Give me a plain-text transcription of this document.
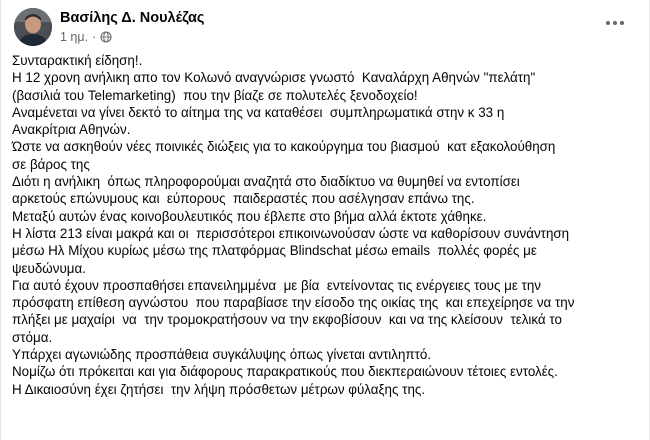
Βασίλης Δ. Νουλέζας
1 ημ. ·

Συνταρακτική είδηση!.

Η 12 χρονη ανήλικη απο τον Κολωνό αναγνώρισε γνωστό  Καναλάρχη Αθηνών "πελάτη"

(βασιλιά του Telemarketing)  που την βίαζε σε πολυτελές ξενοδοχείο!

Αναμένεται να γίνει δεκτό το αίτημα της να καταθέσει  συμπληρωματικά στην κ 33 η

Ανακρίτρια Αθηνών.

Ώστε να ασκηθούν νέες ποινικές διώξεις για το κακούργημα του βιασμού  κατ εξακολούθηση

σε βάρος της

Διότι η ανήλικη  όπως πληροφορούμαι αναζητά στο διαδίκτυο να θυμηθεί να εντοπίσει

αρκετούς επώνυμους και  εύπορους  παιδεραστές που ασέλγησαν επάνω της.

Μεταξύ αυτών ένας κοινοβουλευτικός που έβλεπε στο βήμα αλλά έκτοτε χάθηκε.

Η λίστα 213 είναι μακρά και οι  περισσότεροι επικοινωνούσαν ώστε να καθορίσουν συνάντηση

μέσω Ηλ Μίχου κυρίως μέσω της πλατφόρμας Blindschat μέσω emails  πολλές φορές με

ψευδώνυμα.

Για αυτό έχουν προσπαθήσει επανειλημμένα  με βία  εντείνοντας τις ενέργειες τους με την

πρόσφατη επίθεση αγνώστου  που παραβίασε την είσοδο της οικίας της  και επεχείρησε να την

πλήξει με μαχαίρι  να  την τρομοκρατήσουν να την εκφοβίσουν  και να της κλείσουν  τελικά το

στόμα.

Υπάρχει αγωνιώδης προσπάθεια συγκάλυψης όπως γίνεται αντιληπτό.

Νομίζω ότι πρόκειται και για διάφορους παρακρατικούς που διεκπεραιώνουν τέτοιες εντολές.

Η Δικαιοσύνη έχει ζητήσει  την λήψη πρόσθετων μέτρων φύλαξης της.
